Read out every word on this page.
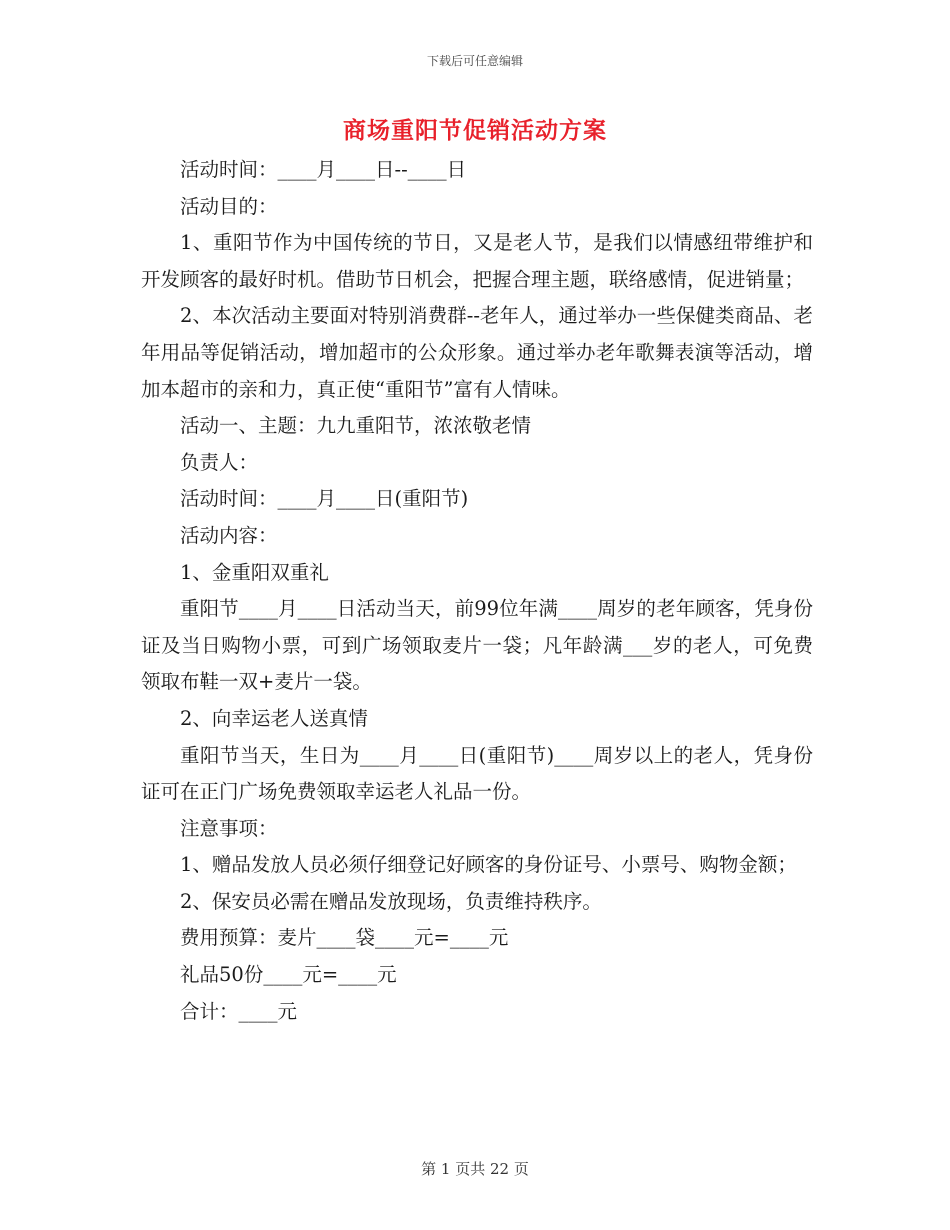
下载后可任意编辑
商场重阳节促销活动方案

活动时间：____月____日--____日

活动目的：

1、重阳节作为中国传统的节日，又是老人节，是我们以情感纽带维护和开发顾客的最好时机。借助节日机会，把握合理主题，联络感情，促进销量；

2、本次活动主要面对特别消费群--老年人，通过举办一些保健类商品、老年用品等促销活动，增加超市的公众形象。通过举办老年歌舞表演等活动，增加本超市的亲和力，真正使“重阳节”富有人情味。

活动一、主题：九九重阳节，浓浓敬老情

负责人：

活动时间：____月____日(重阳节)

活动内容：

1、金重阳双重礼

重阳节____月____日活动当天，前99位年满____周岁的老年顾客，凭身份证及当日购物小票，可到广场领取麦片一袋；凡年龄满___岁的老人，可免费领取布鞋一双+麦片一袋。

2、向幸运老人送真情

重阳节当天，生日为____月____日(重阳节)____周岁以上的老人，凭身份证可在正门广场免费领取幸运老人礼品一份。

注意事项：

1、赠品发放人员必须仔细登记好顾客的身份证号、小票号、购物金额；

2、保安员必需在赠品发放现场，负责维持秩序。

费用预算：麦片____袋____元=____元

礼品50份____元=____元

合计：____元

第 1 页共 22 页
